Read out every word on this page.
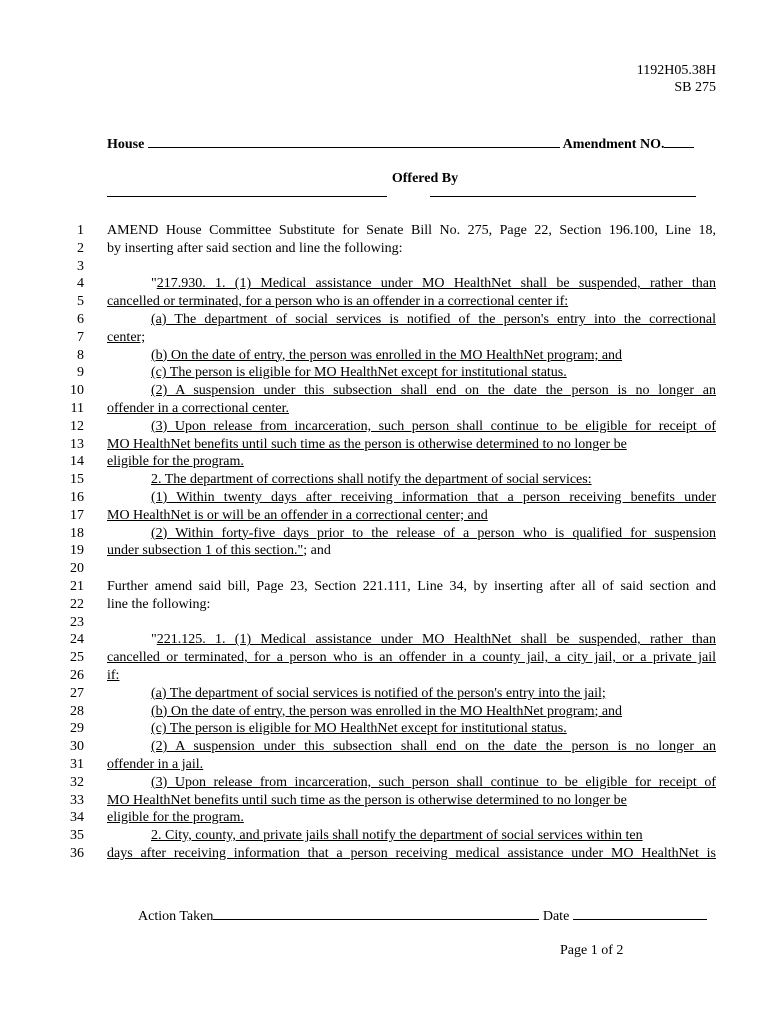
1192H05.38H
SB 275
House	Amendment NO.
Offered By
1 AMEND House Committee Substitute for Senate Bill No. 275, Page 22, Section 196.100, Line 18,
2 by inserting after said section and line the following:
3
4	"217.930. 1. (1) Medical assistance under MO HealthNet shall be suspended, rather than
5 cancelled or terminated, for a person who is an offender in a correctional center if:
6	(a) The department of social services is notified of the person's entry into the correctional
7 center;
8	(b) On the date of entry, the person was enrolled in the MO HealthNet program; and
9	(c) The person is eligible for MO HealthNet except for institutional status.
10	(2) A suspension under this subsection shall end on the date the person is no longer an
11 offender in a correctional center.
12	(3) Upon release from incarceration, such person shall continue to be eligible for receipt of
13 MO HealthNet benefits until such time as the person is otherwise determined to no longer be
14 eligible for the program.
15	2. The department of corrections shall notify the department of social services:
16	(1) Within twenty days after receiving information that a person receiving benefits under
17 MO HealthNet is or will be an offender in a correctional center; and
18	(2) Within forty-five days prior to the release of a person who is qualified for suspension
19 under subsection 1 of this section."; and
20
21 Further amend said bill, Page 23, Section 221.111, Line 34, by inserting after all of said section and
22 line the following:
23
24	"221.125. 1. (1) Medical assistance under MO HealthNet shall be suspended, rather than
25 cancelled or terminated, for a person who is an offender in a county jail, a city jail, or a private jail
26 if:
27	(a) The department of social services is notified of the person's entry into the jail;
28	(b) On the date of entry, the person was enrolled in the MO HealthNet program; and
29	(c) The person is eligible for MO HealthNet except for institutional status.
30	(2) A suspension under this subsection shall end on the date the person is no longer an
31 offender in a jail.
32	(3) Upon release from incarceration, such person shall continue to be eligible for receipt of
33 MO HealthNet benefits until such time as the person is otherwise determined to no longer be
34 eligible for the program.
35	2. City, county, and private jails shall notify the department of social services within ten
36 days after receiving information that a person receiving medical assistance under MO HealthNet is
Action Taken	Date
Page 1 of 2
